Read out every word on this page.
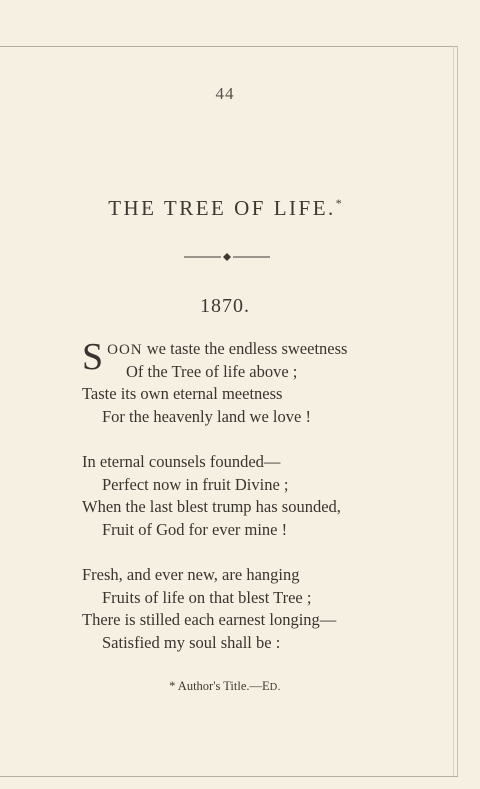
44
THE TREE OF LIFE.*
1870.
SOON we taste the endless sweetness
Of the Tree of life above ;
Taste its own eternal meetness
For the heavenly land we love !
In eternal counsels founded—
Perfect now in fruit Divine ;
When the last blest trump has sounded,
Fruit of God for ever mine !
Fresh, and ever new, are hanging
Fruits of life on that blest Tree ;
There is stilled each earnest longing—
Satisfied my soul shall be :
* Author's Title.—ED.
